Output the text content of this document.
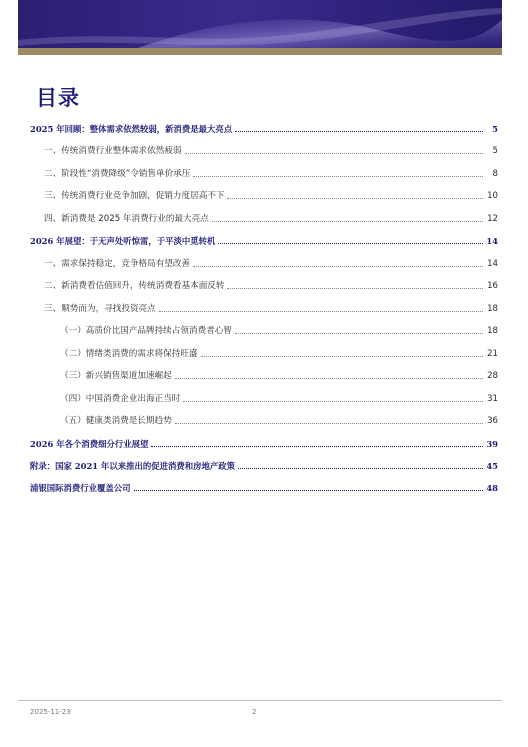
目录
2025 年回顾：整体需求依然较弱，新消费是最大亮点	5
一、传统消费行业整体需求依然疲弱	5
二、阶段性“消费降级”令销售单价承压	8
三、传统消费行业竞争加剧，促销力度居高不下	10
四、新消费是 2025 年消费行业的最大亮点	12
2026 年展望：于无声处听惊雷，于平淡中觅转机	14
一、需求保持稳定，竞争格局有望改善	14
二、新消费看估值回升，传统消费看基本面反转	16
三、顺势而为，寻找投资亮点	18
（一）高质价比国产品牌持续占领消费者心智	18
（二）情绪类消费的需求将保持旺盛	21
（三）新兴销售渠道加速崛起	28
（四）中国消费企业出海正当时	31
（五）健康类消费是长期趋势	36
2026 年各个消费细分行业展望	39
附录：国家 2021 年以来推出的促进消费和房地产政策	45
浦银国际消费行业覆盖公司	48
2025-11-23	2
